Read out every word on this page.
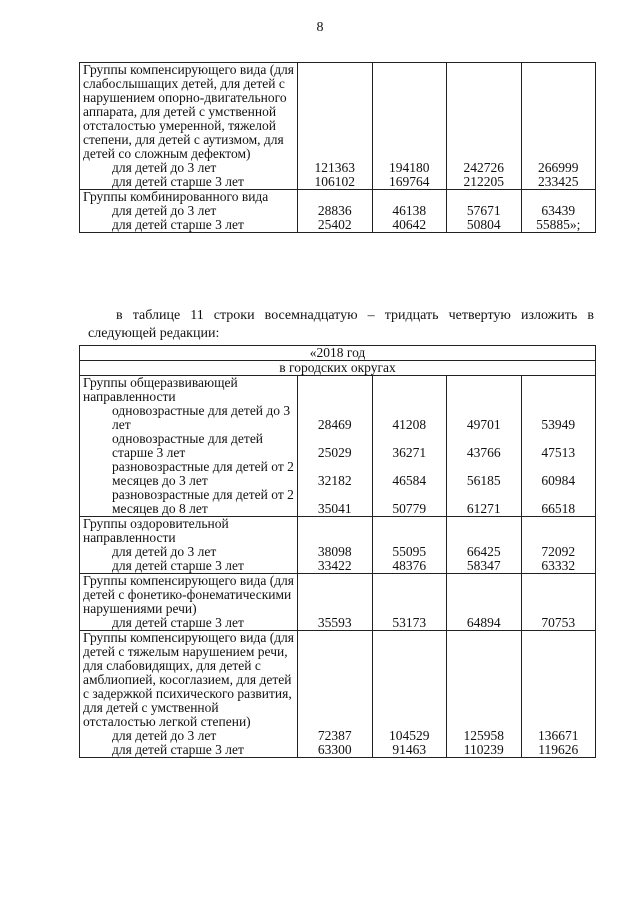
8
Группы компенсирующего вида (для слабослышащих детей, для детей с нарушением опорно-двигательного аппарата, для детей с умственной отсталостью умеренной, тяжелой степени, для детей с аутизмом, для детей со сложным дефектом)				
для детей до 3 лет	121363	194180	242726	266999
для детей старше 3 лет	106102	169764	212205	233425
Группы комбинированного вида				
для детей до 3 лет	28836	46138	57671	63439
для детей старше 3 лет	25402	40642	50804	55885»;
в таблице 11 строки восемнадцатую – тридцать четвертую изложить в следующей редакции:
«2018 год				
в городских округах				
Группы общеразвивающей направленности				
одновозрастные для детей до 3 лет	28469	41208	49701	53949
одновозрастные для детей старше 3 лет	25029	36271	43766	47513
разновозрастные для детей от 2 месяцев до 3 лет	32182	46584	56185	60984
разновозрастные для детей от 2 месяцев до 8 лет	35041	50779	61271	66518
Группы оздоровительной направленности				
для детей до 3 лет	38098	55095	66425	72092
для детей старше 3 лет	33422	48376	58347	63332
Группы компенсирующего вида (для детей с фонетико-фонематическими нарушениями речи)				
для детей старше 3 лет	35593	53173	64894	70753
Группы компенсирующего вида (для детей с тяжелым нарушением речи, для слабовидящих, для детей с амблиопией, косоглазием, для детей с задержкой психического развития, для детей с умственной отсталостью легкой степени)				
для детей до 3 лет	72387	104529	125958	136671
для детей старше 3 лет	63300	91463	110239	119626
